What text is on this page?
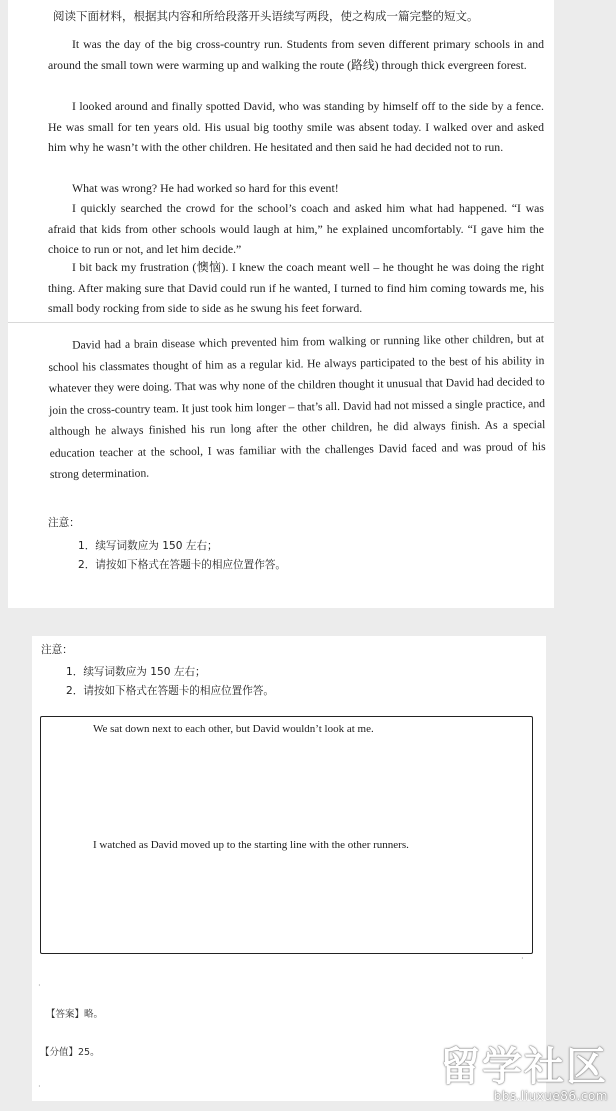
阅读下面材料，根据其内容和所给段落开头语续写两段，使之构成一篇完整的短文。
It was the day of the big cross-country run. Students from seven different primary schools in and around the small town were warming up and walking the route (路线) through thick evergreen forest.
I looked around and finally spotted David, who was standing by himself off to the side by a fence. He was small for ten years old. His usual big toothy smile was absent today. I walked over and asked him why he wasn’t with the other children. He hesitated and then said he had decided not to run.
What was wrong? He had worked so hard for this event!
I quickly searched the crowd for the school’s coach and asked him what had happened. “I was afraid that kids from other schools would laugh at him,” he explained uncomfortably. “I gave him the choice to run or not, and let him decide.”
I bit back my frustration (懊恼). I knew the coach meant well – he thought he was doing the right thing. After making sure that David could run if he wanted, I turned to find him coming towards me, his small body rocking from side to side as he swung his feet forward.
David had a brain disease which prevented him from walking or running like other children, but at school his classmates thought of him as a regular kid. He always participated to the best of his ability in whatever they were doing. That was why none of the children thought it unusual that David had decided to join the cross-country team. It just took him longer – that’s all. David had not missed a single practice, and although he always finished his run long after the other children, he did always finish. As a special education teacher at the school, I was familiar with the challenges David faced and was proud of his strong determination.
注意：
1．续写词数应为 150 左右；
2．请按如下格式在答题卡的相应位置作答。
注意：
1．续写词数应为 150 左右；
2．请按如下格式在答题卡的相应位置作答。
We sat down next to each other, but David wouldn’t look at me.
I watched as David moved up to the starting line with the other runners.
·
·
【答案】略。
【分值】25。
·	留学社区
bbs.liuxue86.com
